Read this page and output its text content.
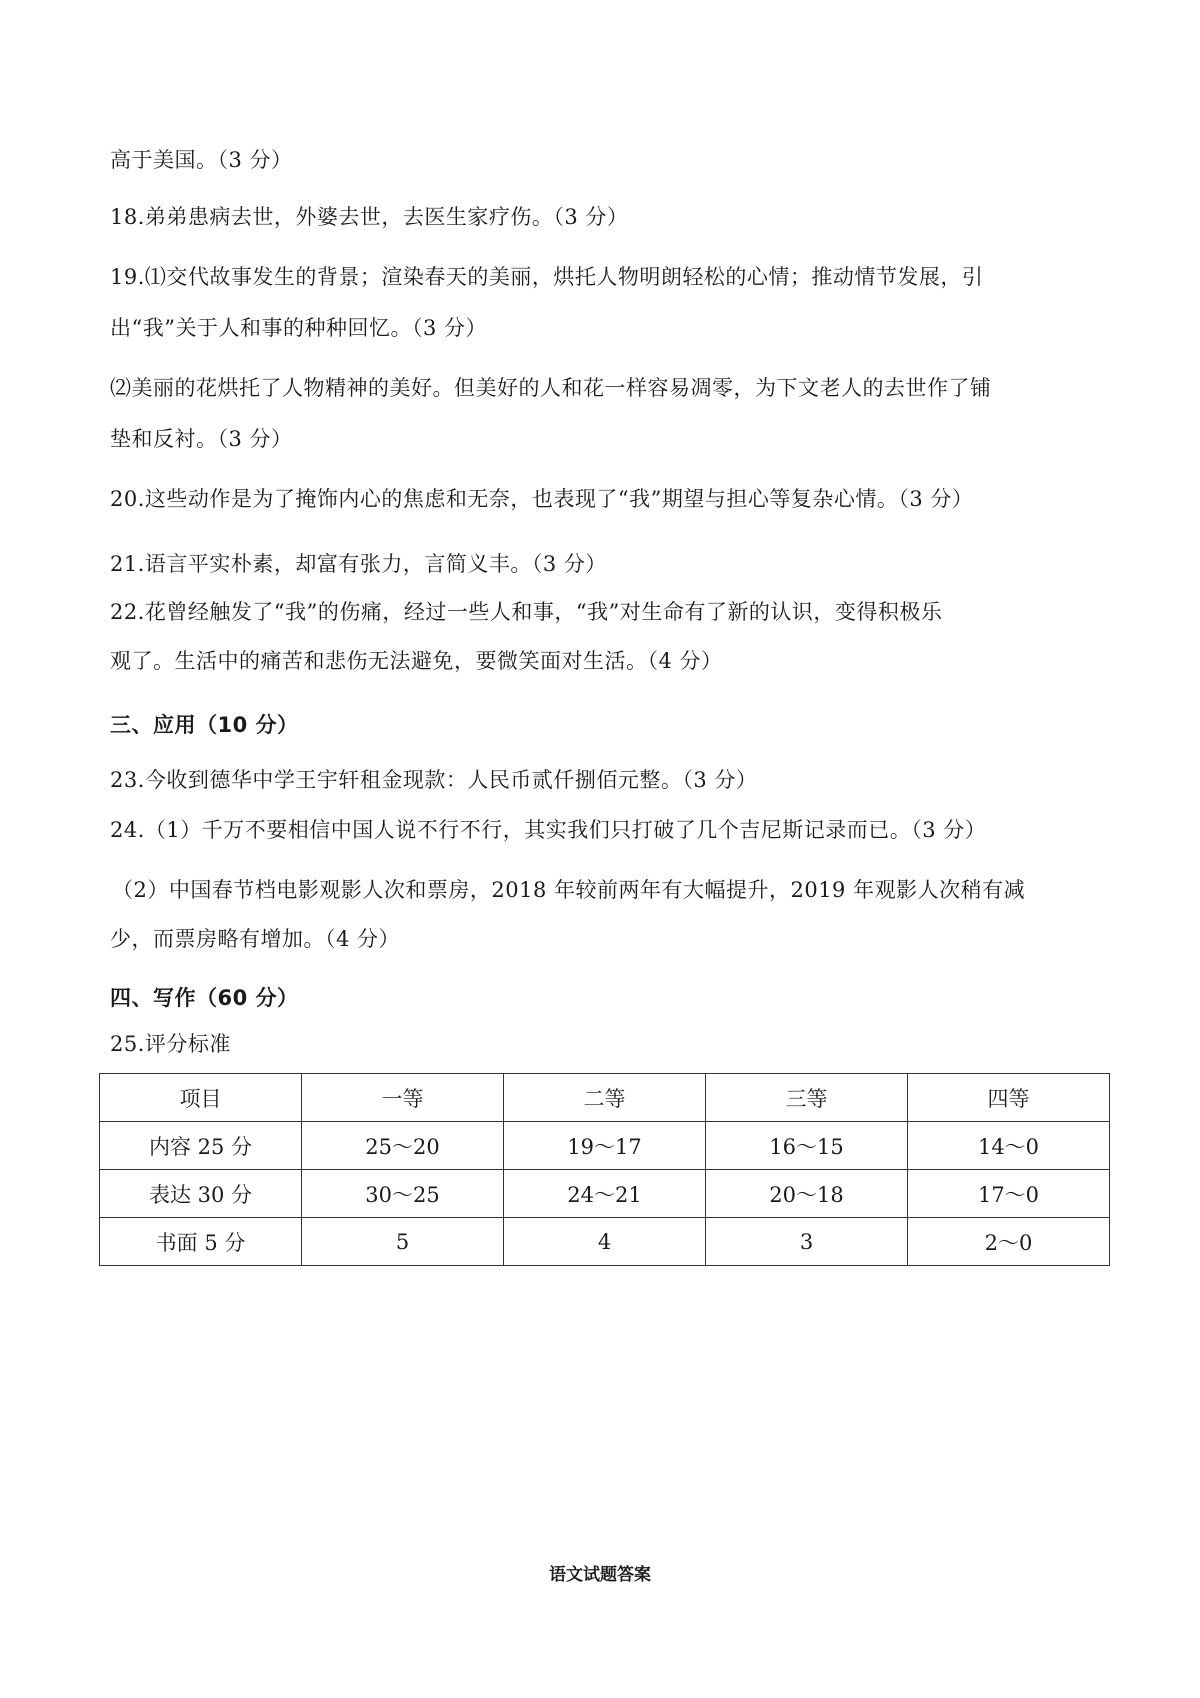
高于美国。（3 分）
18.弟弟患病去世，外婆去世，去医生家疗伤。（3 分）
19.⑴交代故事发生的背景；渲染春天的美丽，烘托人物明朗轻松的心情；推动情节发展，引
出“我”关于人和事的种种回忆。（3 分）
⑵美丽的花烘托了人物精神的美好。但美好的人和花一样容易凋零，为下文老人的去世作了铺
垫和反衬。（3 分）
20.这些动作是为了掩饰内心的焦虑和无奈，也表现了“我”期望与担心等复杂心情。（3 分）
21.语言平实朴素，却富有张力，言简义丰。（3 分）
22.花曾经触发了“我”的伤痛，经过一些人和事，“我”对生命有了新的认识，变得积极乐
观了。生活中的痛苦和悲伤无法避免，要微笑面对生活。（4 分）
三、应用（10 分）
23.今收到德华中学王宇轩租金现款：人民币贰仟捌佰元整。（3 分）
24.（1）千万不要相信中国人说不行不行，其实我们只打破了几个吉尼斯记录而已。（3 分）
（2）中国春节档电影观影人次和票房，2018 年较前两年有大幅提升，2019 年观影人次稍有减
少，而票房略有增加。（4 分）
四、写作（60 分）
25.评分标准
项目	一等	二等	三等	四等
内容 25 分	25～20	19～17	16～15	14～0
表达 30 分	30～25	24～21	20～18	17～0
书面 5 分	5	4	3	2～0
语文试题答案
